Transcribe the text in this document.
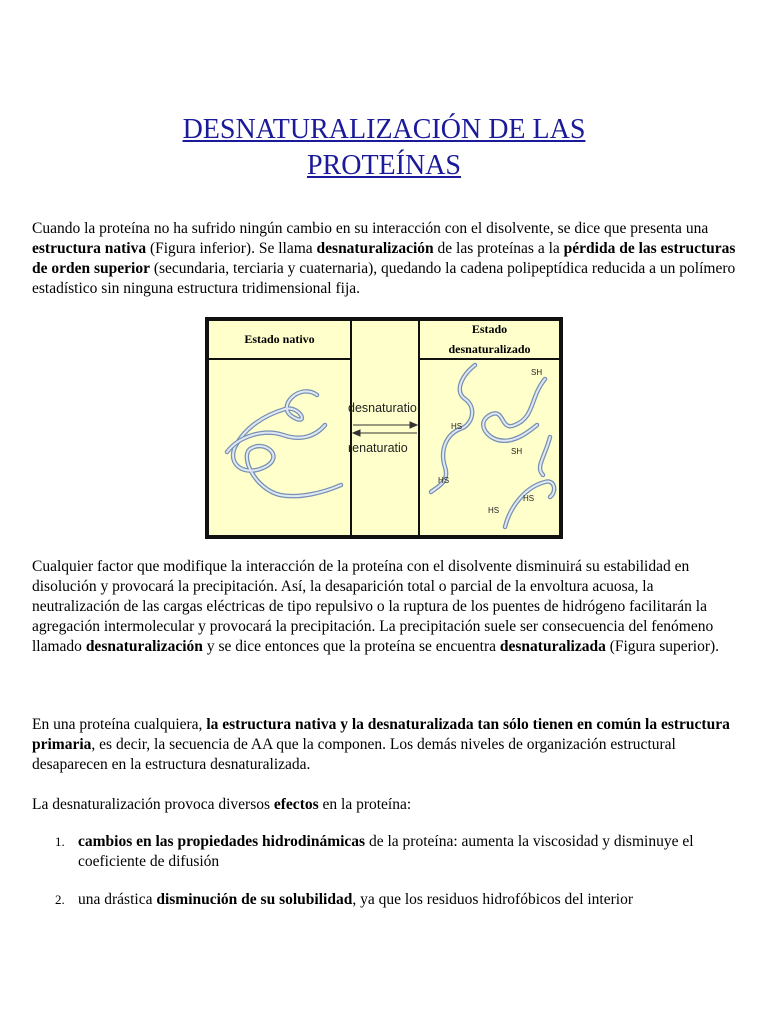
DESNATURALIZACIÓN DE LAS
PROTEÍNAS

Cuando la proteína no ha sufrido ningún cambio en su interacción con el disolvente, se dice que presenta una estructura nativa (Figura inferior). Se llama desnaturalización de las proteínas a la pérdida de las estructuras de orden superior (secundaria, terciaria y cuaternaria), quedando la cadena polipeptídica reducida a un polímero estadístico sin ninguna estructura tridimensional fija.

Estado nativo
Estado
desnaturalizado
desnaturatio
renaturatio
SH
HS
SH
HS
HS
HS

Cualquier factor que modifique la interacción de la proteína con el disolvente disminuirá su estabilidad en disolución y provocará la precipitación. Así, la desaparición total o parcial de la envoltura acuosa, la neutralización de las cargas eléctricas de tipo repulsivo o la ruptura de los puentes de hidrógeno facilitarán la agregación intermolecular y provocará la precipitación. La precipitación suele ser consecuencia del fenómeno llamado desnaturalización y se dice entonces que la proteína se encuentra desnaturalizada (Figura superior).

En una proteína cualquiera, la estructura nativa y la desnaturalizada tan sólo tienen en común la estructura primaria, es decir, la secuencia de AA que la componen. Los demás niveles de organización estructural desaparecen en la estructura desnaturalizada.

La desnaturalización provoca diversos efectos en la proteína:

1. cambios en las propiedades hidrodinámicas de la proteína: aumenta la viscosidad y disminuye el coeficiente de difusión
2. una drástica disminución de su solubilidad, ya que los residuos hidrofóbicos del interior
